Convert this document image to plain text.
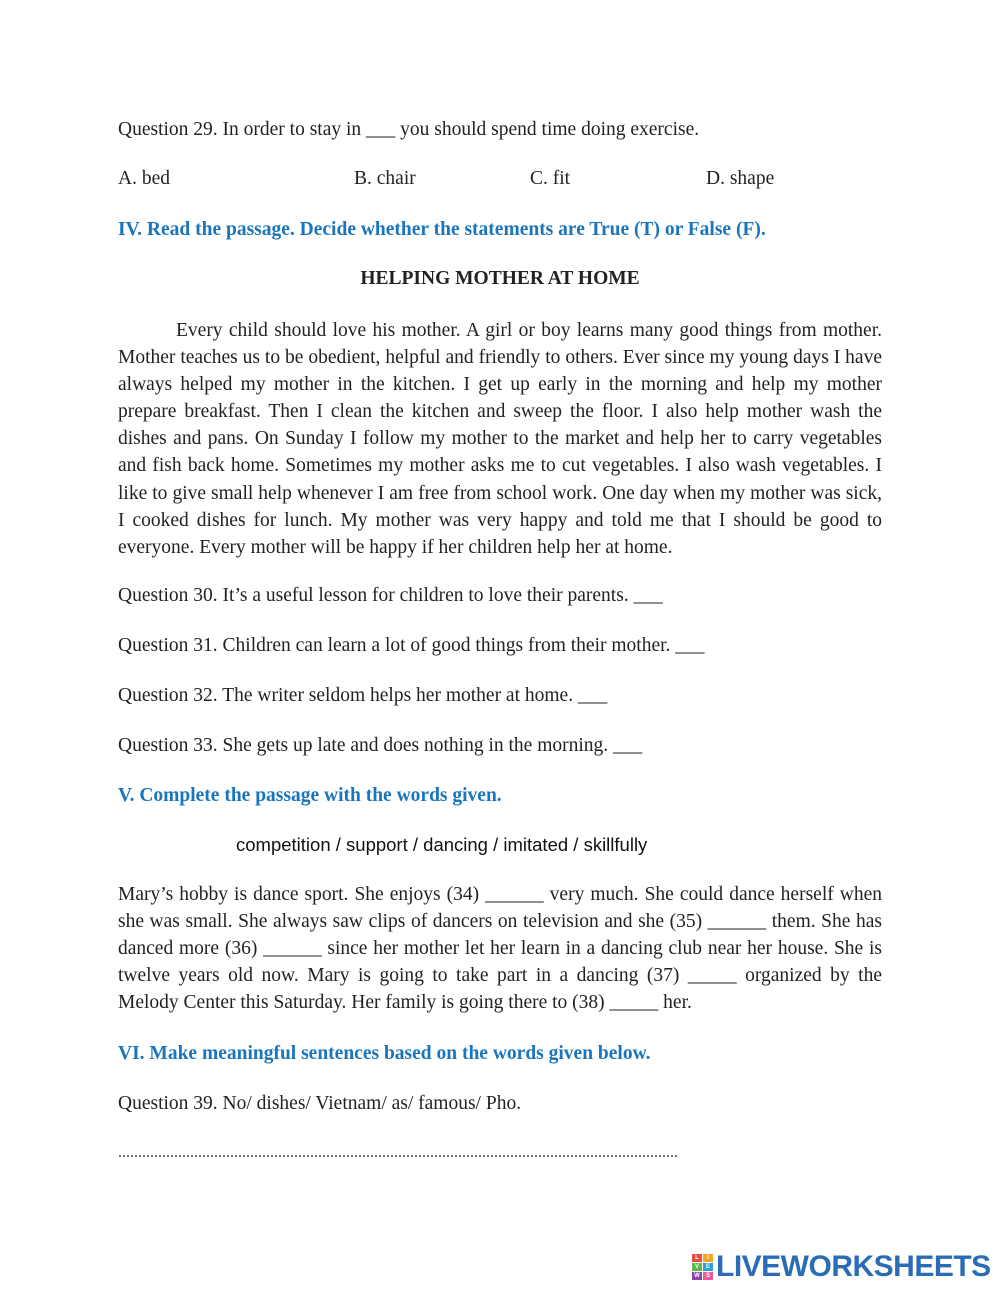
Question 29. In order to stay in ___ you should spend time doing exercise.
A. bed	B. chair	C. fit	D. shape
IV. Read the passage. Decide whether the statements are True (T) or False (F).
HELPING MOTHER AT HOME
Every child should love his mother. A girl or boy learns many good things from mother. Mother teaches us to be obedient, helpful and friendly to others. Ever since my young days I have always helped my mother in the kitchen. I get up early in the morning and help my mother prepare breakfast. Then I clean the kitchen and sweep the floor. I also help mother wash the dishes and pans. On Sunday I follow my mother to the market and help her to carry vegetables and fish back home. Sometimes my mother asks me to cut vegetables. I also wash vegetables. I like to give small help whenever I am free from school work. One day when my mother was sick, I cooked dishes for lunch. My mother was very happy and told me that I should be good to everyone. Every mother will be happy if her children help her at home.
Question 30. It’s a useful lesson for children to love their parents. ___
Question 31. Children can learn a lot of good things from their mother. ___
Question 32. The writer seldom helps her mother at home. ___
Question 33. She gets up late and does nothing in the morning. ___
V. Complete the passage with the words given.
competition / support / dancing / imitated / skillfully
Mary’s hobby is dance sport. She enjoys (34) ______ very much. She could dance herself when she was small. She always saw clips of dancers on television and she (35) ______ them. She has danced more (36) ______ since her mother let her learn in a dancing club near her house. She is twelve years old now. Mary is going to take part in a dancing (37) _____ organized by the Melody Center this Saturday. Her family is going there to (38) _____ her.
VI. Make meaningful sentences based on the words given below.
Question 39. No/ dishes/ Vietnam/ as/ famous/ Pho.
............................................................................................................................................
L	I
V	E
W	S LIVEWORKSHEETS
